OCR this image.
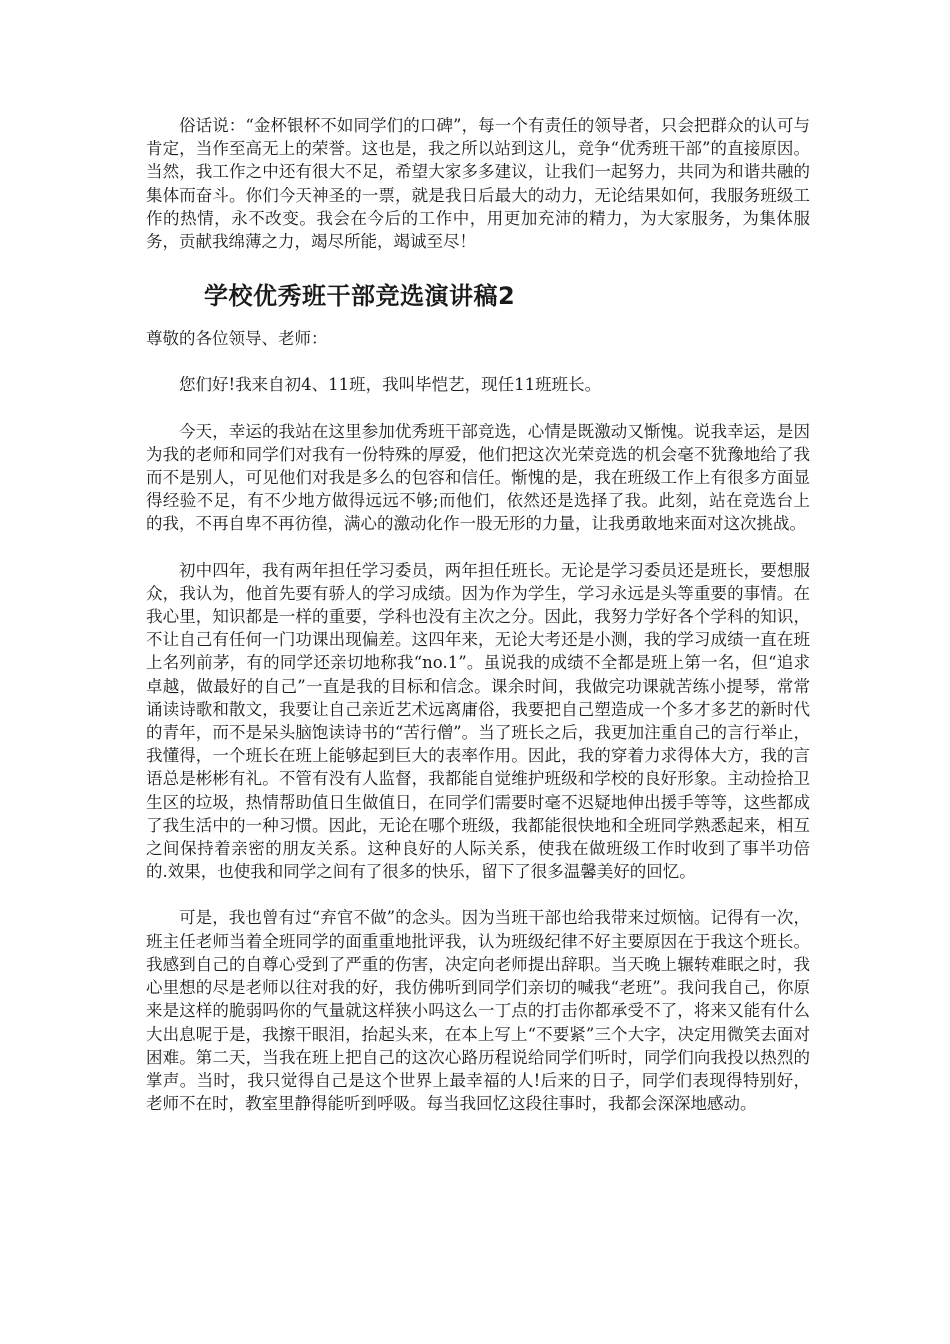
俗话说：“金杯银杯不如同学们的口碑”，每一个有责任的领导者，只会把群众的认可与肯定，当作至高无上的荣誉。这也是，我之所以站到这儿，竞争“优秀班干部”的直接原因。当然，我工作之中还有很大不足，希望大家多多建议，让我们一起努力，共同为和谐共融的集体而奋斗。你们今天神圣的一票，就是我日后最大的动力，无论结果如何，我服务班级工作的热情，永不改变。我会在今后的工作中，用更加充沛的精力，为大家服务，为集体服务，贡献我绵薄之力，竭尽所能，竭诚至尽！

学校优秀班干部竞选演讲稿2

尊敬的各位领导、老师：

您们好!我来自初4、11班，我叫毕恺艺，现任11班班长。

今天，幸运的我站在这里参加优秀班干部竞选，心情是既激动又惭愧。说我幸运，是因为我的老师和同学们对我有一份特殊的厚爱，他们把这次光荣竞选的机会毫不犹豫地给了我而不是别人，可见他们对我是多么的包容和信任。惭愧的是，我在班级工作上有很多方面显得经验不足，有不少地方做得远远不够;而他们，依然还是选择了我。此刻，站在竞选台上的我，不再自卑不再彷徨，满心的激动化作一股无形的力量，让我勇敢地来面对这次挑战。

初中四年，我有两年担任学习委员，两年担任班长。无论是学习委员还是班长，要想服众，我认为，他首先要有骄人的学习成绩。因为作为学生，学习永远是头等重要的事情。在我心里，知识都是一样的重要，学科也没有主次之分。因此，我努力学好各个学科的知识，不让自己有任何一门功课出现偏差。这四年来，无论大考还是小测，我的学习成绩一直在班上名列前茅，有的同学还亲切地称我“no.1”。虽说我的成绩不全都是班上第一名，但“追求卓越，做最好的自己”一直是我的目标和信念。课余时间，我做完功课就苦练小提琴，常常诵读诗歌和散文，我要让自己亲近艺术远离庸俗，我要把自己塑造成一个多才多艺的新时代的青年，而不是呆头脑饱读诗书的“苦行僧”。当了班长之后，我更加注重自己的言行举止，我懂得，一个班长在班上能够起到巨大的表率作用。因此，我的穿着力求得体大方，我的言语总是彬彬有礼。不管有没有人监督，我都能自觉维护班级和学校的良好形象。主动捡拾卫生区的垃圾，热情帮助值日生做值日，在同学们需要时毫不迟疑地伸出援手等等，这些都成了我生活中的一种习惯。因此，无论在哪个班级，我都能很快地和全班同学熟悉起来，相互之间保持着亲密的朋友关系。这种良好的人际关系，使我在做班级工作时收到了事半功倍的.效果，也使我和同学之间有了很多的快乐，留下了很多温馨美好的回忆。

可是，我也曾有过“弃官不做”的念头。因为当班干部也给我带来过烦恼。记得有一次，班主任老师当着全班同学的面重重地批评我，认为班级纪律不好主要原因在于我这个班长。我感到自己的自尊心受到了严重的伤害，决定向老师提出辞职。当天晚上辗转难眠之时，我心里想的尽是老师以往对我的好，我仿佛听到同学们亲切的喊我“老班”。我问我自己，你原来是这样的脆弱吗你的气量就这样狭小吗这么一丁点的打击你都承受不了，将来又能有什么大出息呢于是，我擦干眼泪，抬起头来，在本上写上“不要紧”三个大字，决定用微笑去面对困难。第二天，当我在班上把自己的这次心路历程说给同学们听时，同学们向我投以热烈的掌声。当时，我只觉得自己是这个世界上最幸福的人!后来的日子，同学们表现得特别好，老师不在时，教室里静得能听到呼吸。每当我回忆这段往事时，我都会深深地感动。
